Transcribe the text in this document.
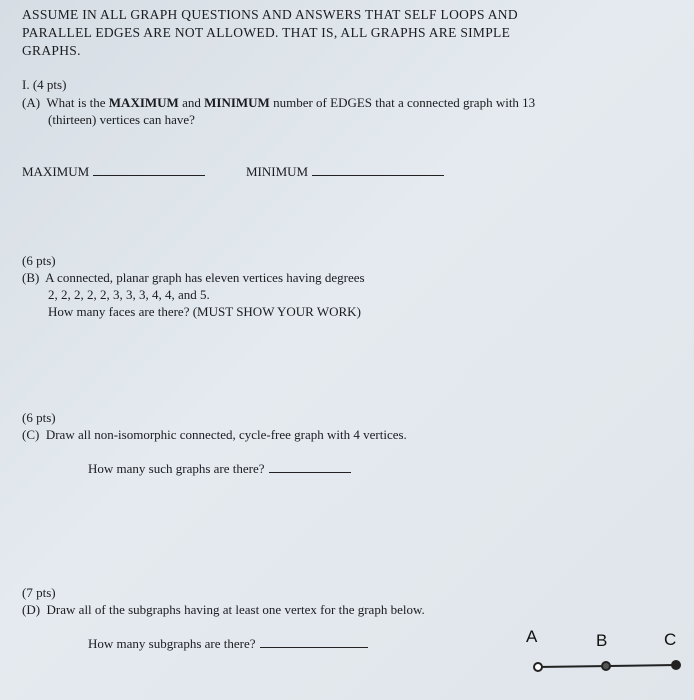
ASSUME IN ALL GRAPH QUESTIONS AND ANSWERS THAT SELF LOOPS AND
PARALLEL EDGES ARE NOT ALLOWED. THAT IS, ALL GRAPHS ARE SIMPLE
GRAPHS.
I. (4 pts)
(A) What is the MAXIMUM and MINIMUM number of EDGES that a connected graph with 13
(thirteen) vertices can have?
MAXIMUM	MINIMUM
(6 pts)
(B) A connected, planar graph has eleven vertices having degrees
2, 2, 2, 2, 2, 3, 3, 3, 4, 4, and 5.
How many faces are there? (MUST SHOW YOUR WORK)
(6 pts)
(C) Draw all non-isomorphic connected, cycle-free graph with 4 vertices.
How many such graphs are there?
(7 pts)
(D) Draw all of the subgraphs having at least one vertex for the graph below.
How many subgraphs are there?	A	B	C
